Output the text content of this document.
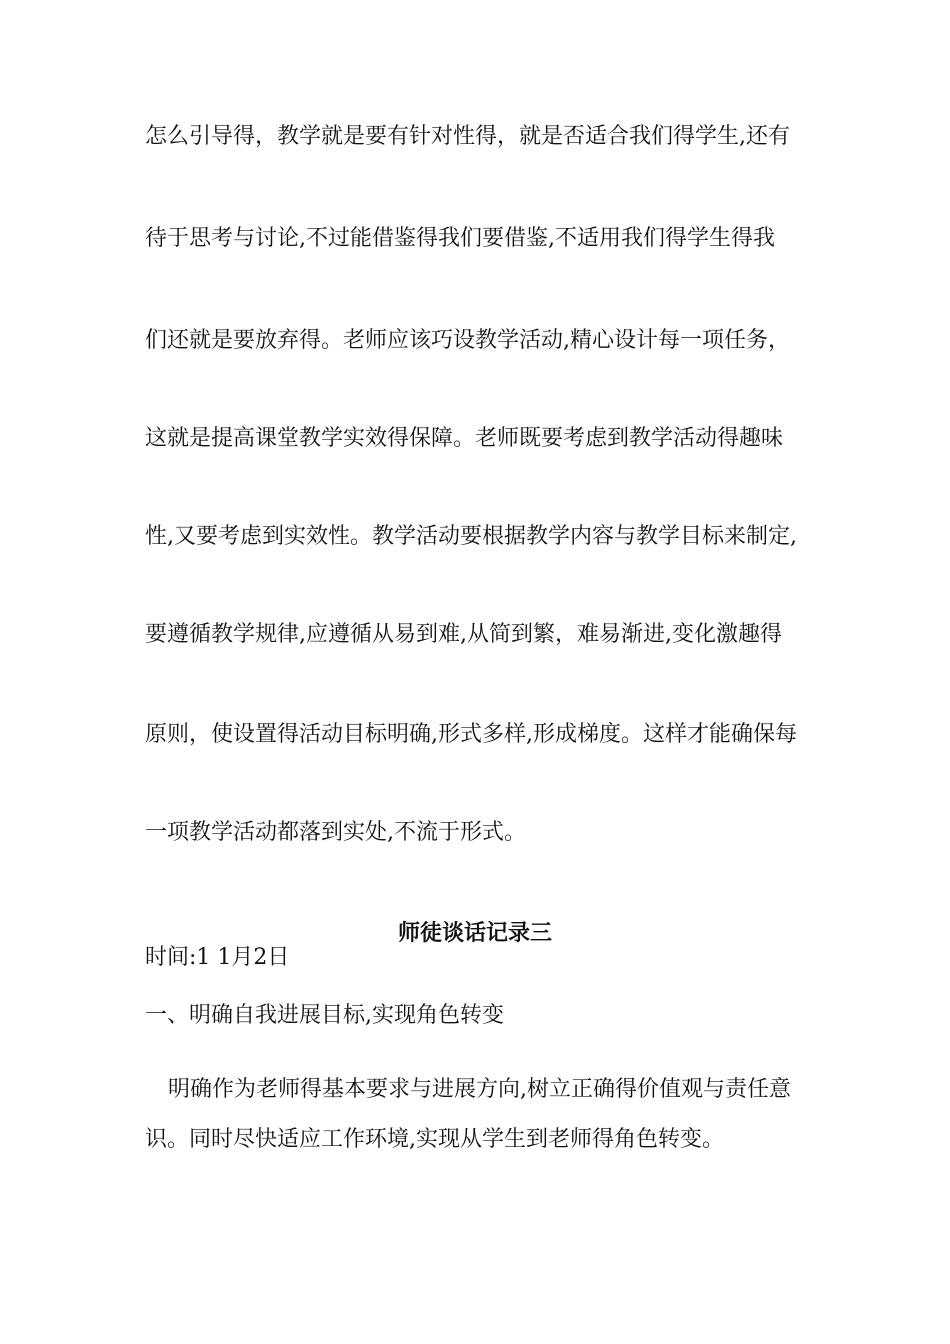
怎么引导得，教学就是要有针对性得，就是否适合我们得学生,还有
待于思考与讨论,不过能借鉴得我们要借鉴,不适用我们得学生得我
们还就是要放弃得。老师应该巧设教学活动,精心设计每一项任务，
这就是提高课堂教学实效得保障。老师既要考虑到教学活动得趣味
性,又要考虑到实效性。教学活动要根据教学内容与教学目标来制定,
要遵循教学规律,应遵循从易到难,从简到繁，难易渐进,变化激趣得
原则，使设置得活动目标明确,形式多样,形成梯度。这样才能确保每
一项教学活动都落到实处,不流于形式。
师徒谈话记录三
时间:1 1月2日
一、明确自我进展目标,实现角色转变
明确作为老师得基本要求与进展方向,树立正确得价值观与责任意
识。同时尽快适应工作环境,实现从学生到老师得角色转变。
